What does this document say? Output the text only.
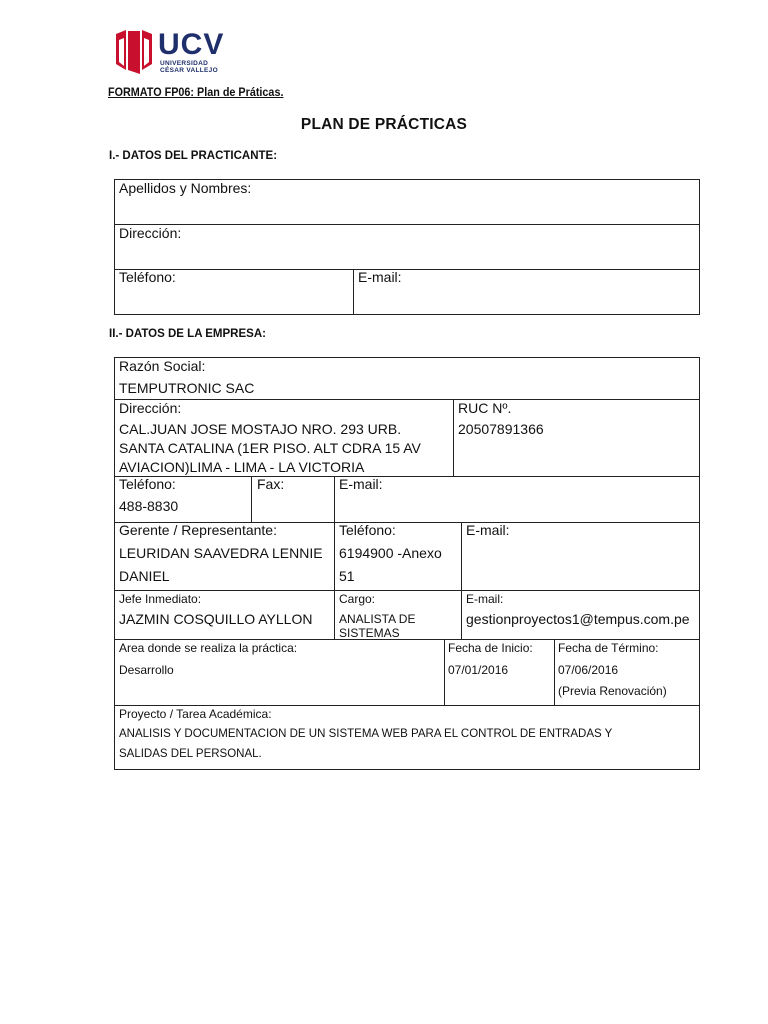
UCV
UNIVERSIDAD
CÉSAR VALLEJO
FORMATO FP06: Plan de Práticas.
PLAN DE PRÁCTICAS
I.- DATOS DEL PRACTICANTE:
Apellidos y Nombres:
Dirección:
Teléfono:	E-mail:
II.- DATOS DE LA EMPRESA:
Razón Social:
TEMPUTRONIC SAC
Dirección:
CAL.JUAN JOSE MOSTAJO NRO. 293 URB.
SANTA CATALINA (1ER PISO. ALT CDRA 15 AV
AVIACION)LIMA - LIMA - LA VICTORIA
RUC Nº.
20507891366
Teléfono:
488-8830
Fax:	E-mail:
Gerente / Representante:
LEURIDAN SAAVEDRA LENNIE
DANIEL
Teléfono:
6194900 -Anexo
51
E-mail:
Jefe Inmediato:
JAZMIN COSQUILLO AYLLON
Cargo:
ANALISTA DE
SISTEMAS
E-mail:
gestionproyectos1@tempus.com.pe
Area donde se realiza la práctica:
Desarrollo
Fecha de Inicio:
07/01/2016
Fecha de Término:
07/06/2016
(Previa Renovación)
Proyecto / Tarea Académica:
ANALISIS Y DOCUMENTACION DE UN SISTEMA WEB PARA EL CONTROL DE ENTRADAS Y
SALIDAS DEL PERSONAL.
